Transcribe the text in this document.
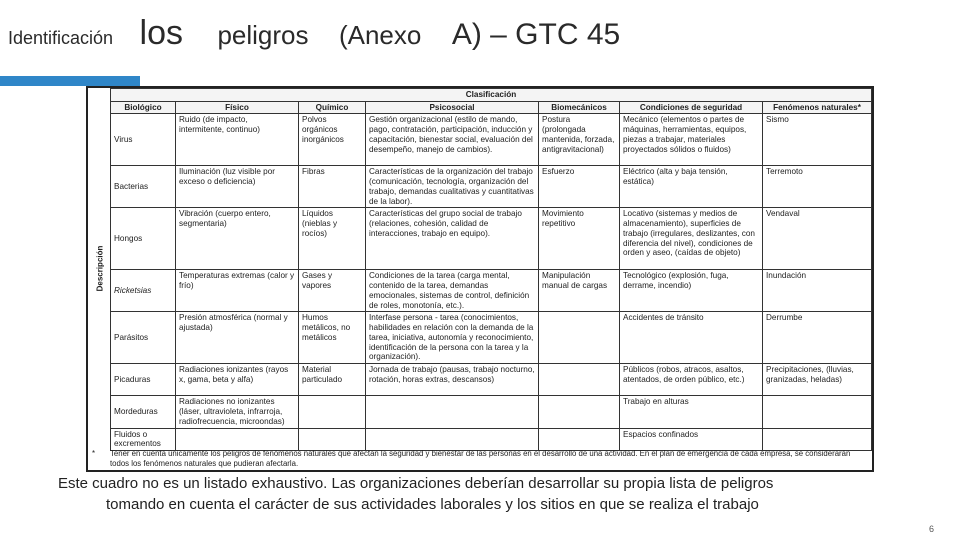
Identificación los peligros (Anexo A) – GTC 45
Descripción
Clasificación						
Biológico	Físico	Químico	Psicosocial	Biomecánicos	Condiciones de seguridad	Fenómenos naturales*
Virus	Ruido (de impacto, intermitente, continuo)	Polvos orgánicos inorgánicos	Gestión organizacional (estilo de mando, pago, contratación, participación, inducción y capacitación, bienestar social, evaluación del desempeño, manejo de cambios).	Postura (prolongada mantenida, forzada, antigravitacional)	Mecánico (elementos o partes de máquinas, herramientas, equipos, piezas a trabajar, materiales proyectados sólidos o fluidos)	Sismo
Bacterias	Iluminación (luz visible por exceso o deficiencia)	Fibras	Características de la organización del trabajo (comunicación, tecnología, organización del trabajo, demandas cualitativas y cuantitativas de la labor).	Esfuerzo	Eléctrico (alta y baja tensión, estática)	Terremoto
Hongos	Vibración (cuerpo entero, segmentaria)	Líquidos (nieblas y rocíos)	Características del grupo social de trabajo (relaciones, cohesión, calidad de interacciones, trabajo en equipo).	Movimiento repetitivo	Locativo (sistemas y medios de almacenamiento), superficies de trabajo (irregulares, deslizantes, con diferencia del nivel), condiciones de orden y aseo, (caídas de objeto)	Vendaval
Ricketsias	Temperaturas extremas (calor y frío)	Gases y vapores	Condiciones de la tarea (carga mental, contenido de la tarea, demandas emocionales, sistemas de control, definición de roles, monotonía, etc.).	Manipulación manual de cargas	Tecnológico (explosión, fuga, derrame, incendio)	Inundación
Parásitos	Presión atmosférica (normal y ajustada)	Humos metálicos, no metálicos	Interfase persona - tarea (conocimientos, habilidades en relación con la demanda de la tarea, iniciativa, autonomía y reconocimiento, identificación de la persona con la tarea y la organización).		Accidentes de tránsito	Derrumbe
Picaduras	Radiaciones ionizantes (rayos x, gama, beta y alfa)	Material particulado	Jornada de trabajo (pausas, trabajo nocturno, rotación, horas extras, descansos)		Públicos (robos, atracos, asaltos, atentados, de orden público, etc.)	Precipitaciones, (lluvias, granizadas, heladas)
Mordeduras	Radiaciones no ionizantes (láser, ultravioleta, infrarroja, radiofrecuencia, microondas)				Trabajo en alturas	
Fluidos o excrementos					Espacios confinados	
* Tener en cuenta únicamente los peligros de fenómenos naturales que afectan la seguridad y bienestar de las personas en el desarrollo de una actividad. En el plan de emergencia de cada empresa, se considerarán todos los fenómenos naturales que pudieran afectarla.
Este cuadro no es un listado exhaustivo. Las organizaciones deberían desarrollar su propia lista de peligros
tomando en cuenta el carácter de sus actividades laborales y los sitios en que se realiza el trabajo
6
